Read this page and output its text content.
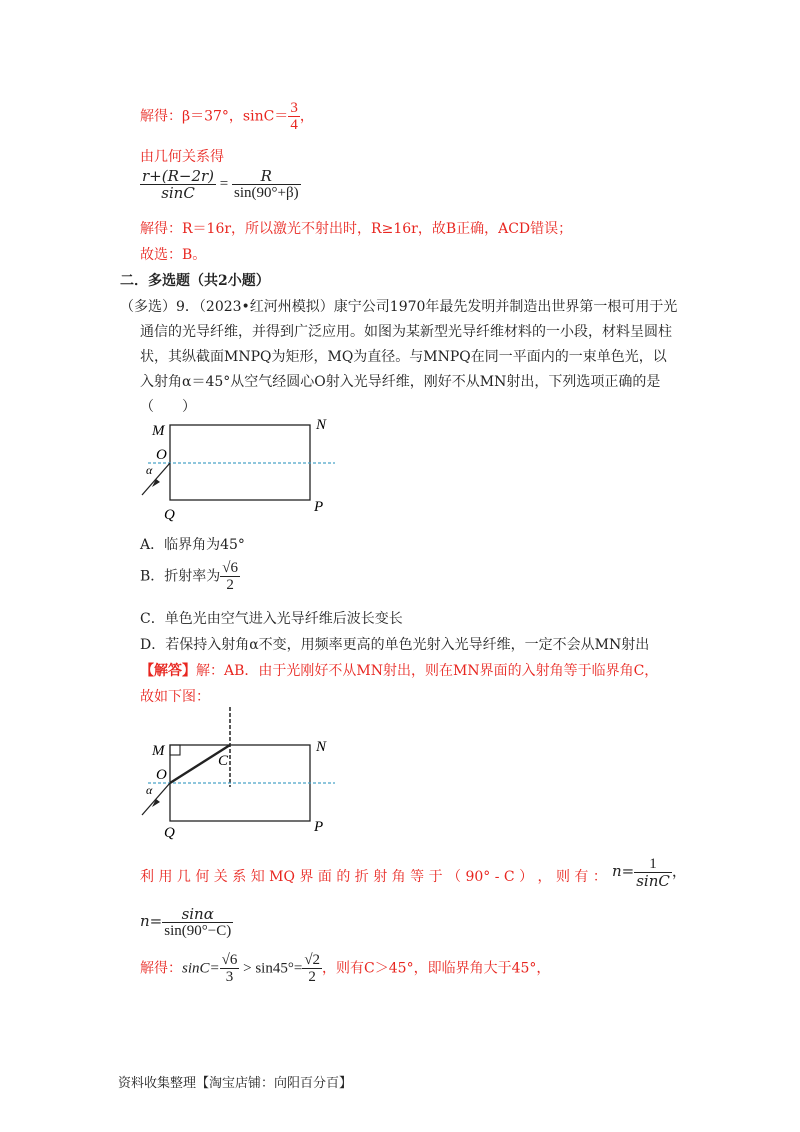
解得：β＝37°，$\sin C= \frac{3}{4}$ ，
由几何关系得
$\frac{r+(R-2r)}{\sin C} = \frac{R}{\sin(90^\circ+\beta)}$
解得：R＝16r，所以激光不射出时，R≥16r，故B正确，ACD错误；
故选：B。
二．多选题（共2小题）
（多选）9．（2023•红河州模拟）康宁公司1970年最先发明并制造出世界第一根可用于光
通信的光导纤维，并得到广泛应用。如图为某新型光导纤维材料的一小段，材料呈圆柱
状，其纵截面MNPQ为矩形，MQ为直径。与MNPQ在同一平面内的一束单色光，以
入射角α＝45°从空气经圆心O射入光导纤维，刚好不从MN射出，下列选项正确的是
（　　）
M	N
O
α
Q	P
A．临界角为45°
B．折射率为 $\frac{√6}{2}$
C．单色光由空气进入光导纤维后波长变长
D．若保持入射角α不变，用频率更高的单色光射入光导纤维，一定不会从MN射出
【解答】解：AB．由于光刚好不从MN射出，则在MN界面的入射角等于临界角C，
故如下图：
M	N
C
O
α
Q	P
利 用 几 何 关 系 知 MQ 界 面 的 折 射 角 等 于 （ 90° - C ） ， 则 有 ： $n= \frac{1}{\sin C}$ ，
$n= \frac{\sin\alpha}{\sin(90^\circ-C)}$
解得：$\sin C= \frac{√6}{3} > \sin 45^\circ= \frac{√2}{2}$ ，则有C＞45°，即临界角大于45°，
资料收集整理【淘宝店铺：向阳百分百】
